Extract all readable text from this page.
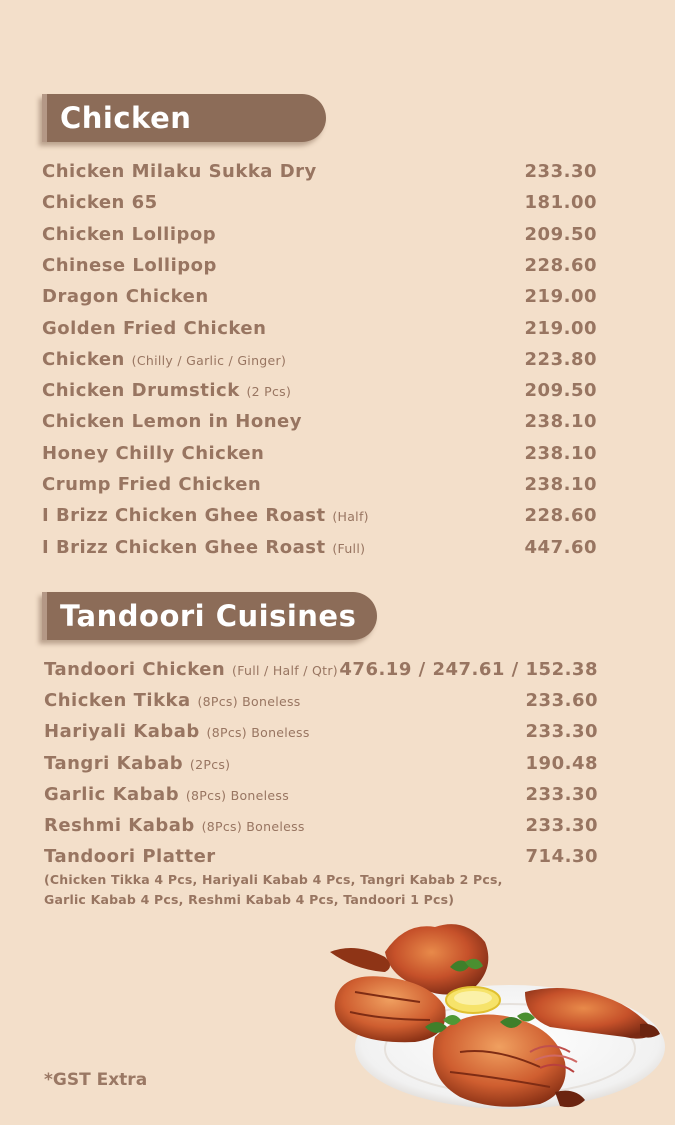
Chicken
Chicken Milaku Sukka Dry	233.30
Chicken 65	181.00
Chicken Lollipop	209.50
Chinese Lollipop	228.60
Dragon Chicken	219.00
Golden Fried Chicken	219.00
Chicken (Chilly / Garlic / Ginger)	223.80
Chicken Drumstick (2 Pcs)	209.50
Chicken Lemon in Honey	238.10
Honey Chilly Chicken	238.10
Crump Fried Chicken	238.10
I Brizz Chicken Ghee Roast (Half)	228.60
I Brizz Chicken Ghee Roast (Full)	447.60
Tandoori Cuisines
Tandoori Chicken (Full / Half / Qtr) 476.19 / 247.61 / 152.38
Chicken Tikka (8Pcs) Boneless	233.60
Hariyali Kabab (8Pcs) Boneless	233.30
Tangri Kabab (2Pcs)	190.48
Garlic Kabab (8Pcs) Boneless	233.30
Reshmi Kabab (8Pcs) Boneless	233.30
Tandoori Platter	714.30
(Chicken Tikka 4 Pcs, Hariyali Kabab 4 Pcs, Tangri Kabab 2 Pcs,
Garlic Kabab 4 Pcs, Reshmi Kabab 4 Pcs, Tandoori 1 Pcs)
*GST Extra
